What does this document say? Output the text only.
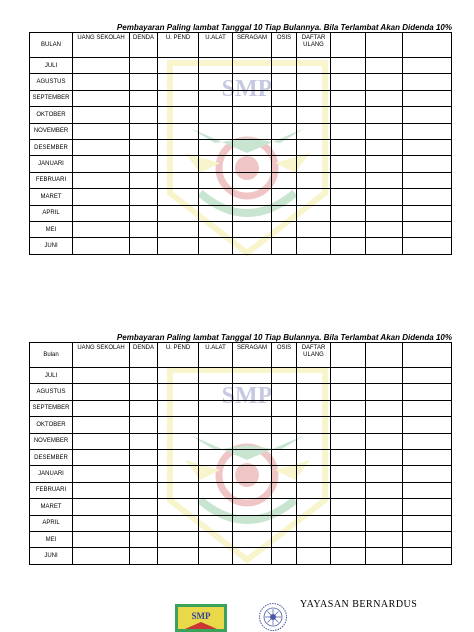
Pembayaran Paling lambat Tanggal 10 Tiap Bulannya. Bila Terlambat Akan Didenda 10%
SMP
BULAN	UANG SEKOLAH	DENDA	U. PEND	U.ALAT	SERAGAM	OSIS	DAFTAR ULANG			
JULI										
AGUSTUS										
SEPTEMBER										
OKTOBER										
NOVEMBER										
DESEMBER										
JANUARI										
FEBRUARI										
MARET										
APRIL										
MEI										
JUNI										
Pembayaran Paling lambat Tanggal 10 Tiap Bulannya. Bila Terlambat Akan Didenda 10%
SMP
Bulan	UANG SEKOLAH	DENDA	U. PEND	U.ALAT	SERAGAM	OSIS	DAFTAR ULANG			
JULI										
AGUSTUS										
SEPTEMBER										
OKTOBER										
NOVEMBER										
DESEMBER										
JANUARI										
FEBRUARI										
MARET										
APRIL										
MEI										
JUNI										
SMP
YAYASAN BERNARDUS
